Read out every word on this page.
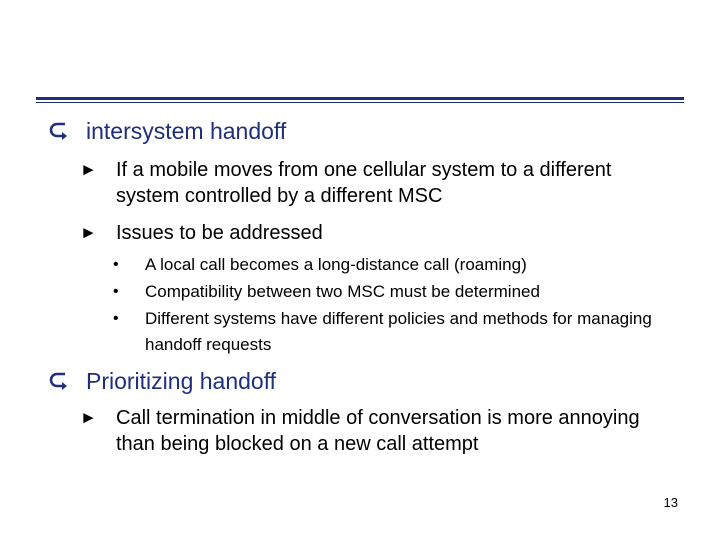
intersystem handoff
► If a mobile moves from one cellular system to a different system controlled by a different MSC
► Issues to be addressed
•	A local call becomes a long-distance call (roaming)
•	Compatibility between two MSC must be determined
•	Different systems have different policies and methods for managing handoff requests
Prioritizing handoff
► Call termination in middle of conversation is more annoying than being blocked on a new call attempt
13
